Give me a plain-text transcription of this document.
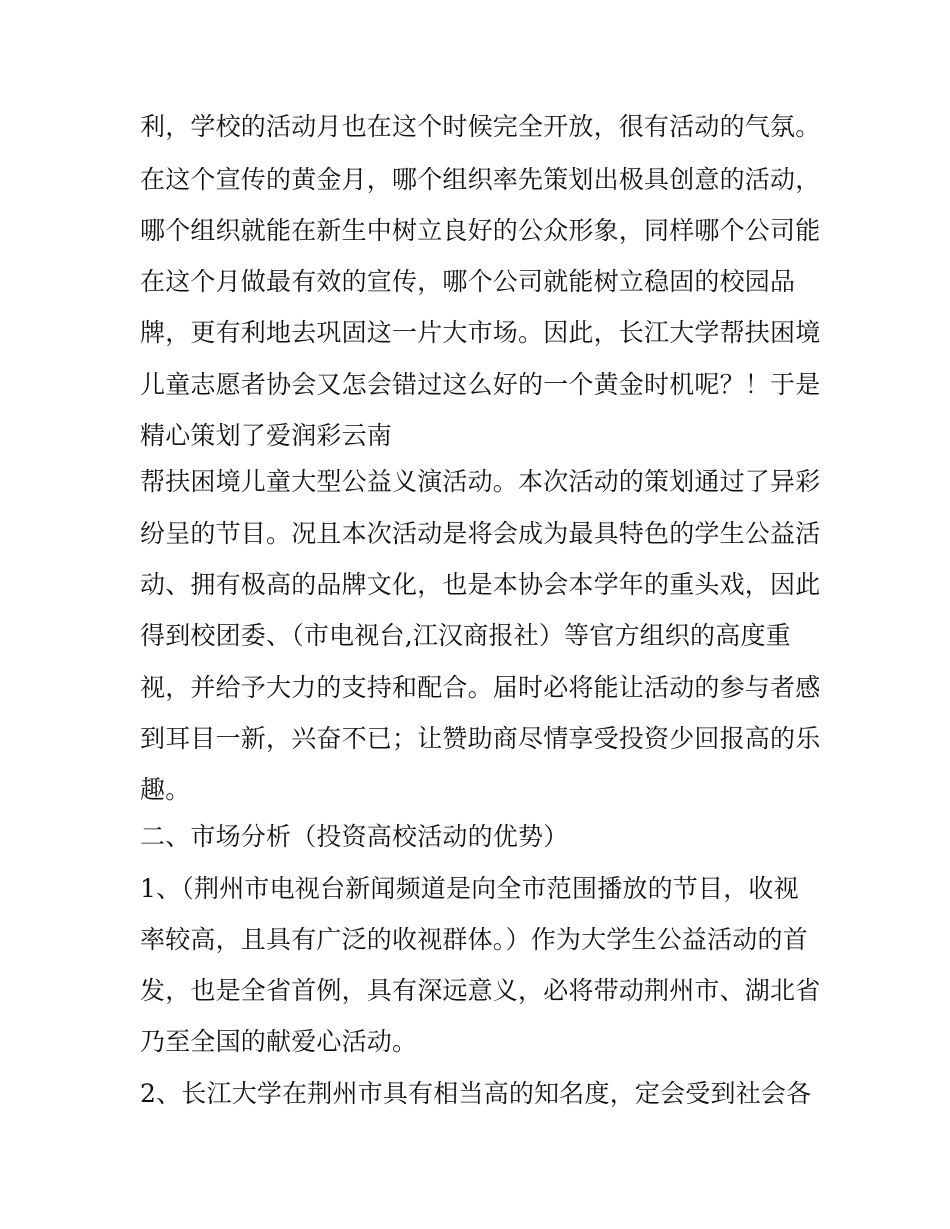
利，学校的活动月也在这个时候完全开放，很有活动的气氛。

在这个宣传的黄金月，哪个组织率先策划出极具创意的活动，

哪个组织就能在新生中树立良好的公众形象，同样哪个公司能

在这个月做最有效的宣传，哪个公司就能树立稳固的校园品

牌，更有利地去巩固这一片大市场。因此，长江大学帮扶困境

儿童志愿者协会又怎会错过这么好的一个黄金时机呢？！于是

精心策划了爱润彩云南

帮扶困境儿童大型公益义演活动。本次活动的策划通过了异彩

纷呈的节目。况且本次活动是将会成为最具特色的学生公益活

动、拥有极高的品牌文化，也是本协会本学年的重头戏，因此

得到校团委、（市电视台,江汉商报社）等官方组织的高度重

视，并给予大力的支持和配合。届时必将能让活动的参与者感

到耳目一新，兴奋不已；让赞助商尽情享受投资少回报高的乐

趣。

二、市场分析（投资高校活动的优势）

1、（荆州市电视台新闻频道是向全市范围播放的节目，收视

率较高，且具有广泛的收视群体。）作为大学生公益活动的首

发，也是全省首例，具有深远意义，必将带动荆州市、湖北省

乃至全国的献爱心活动。

2、长江大学在荆州市具有相当高的知名度，定会受到社会各
